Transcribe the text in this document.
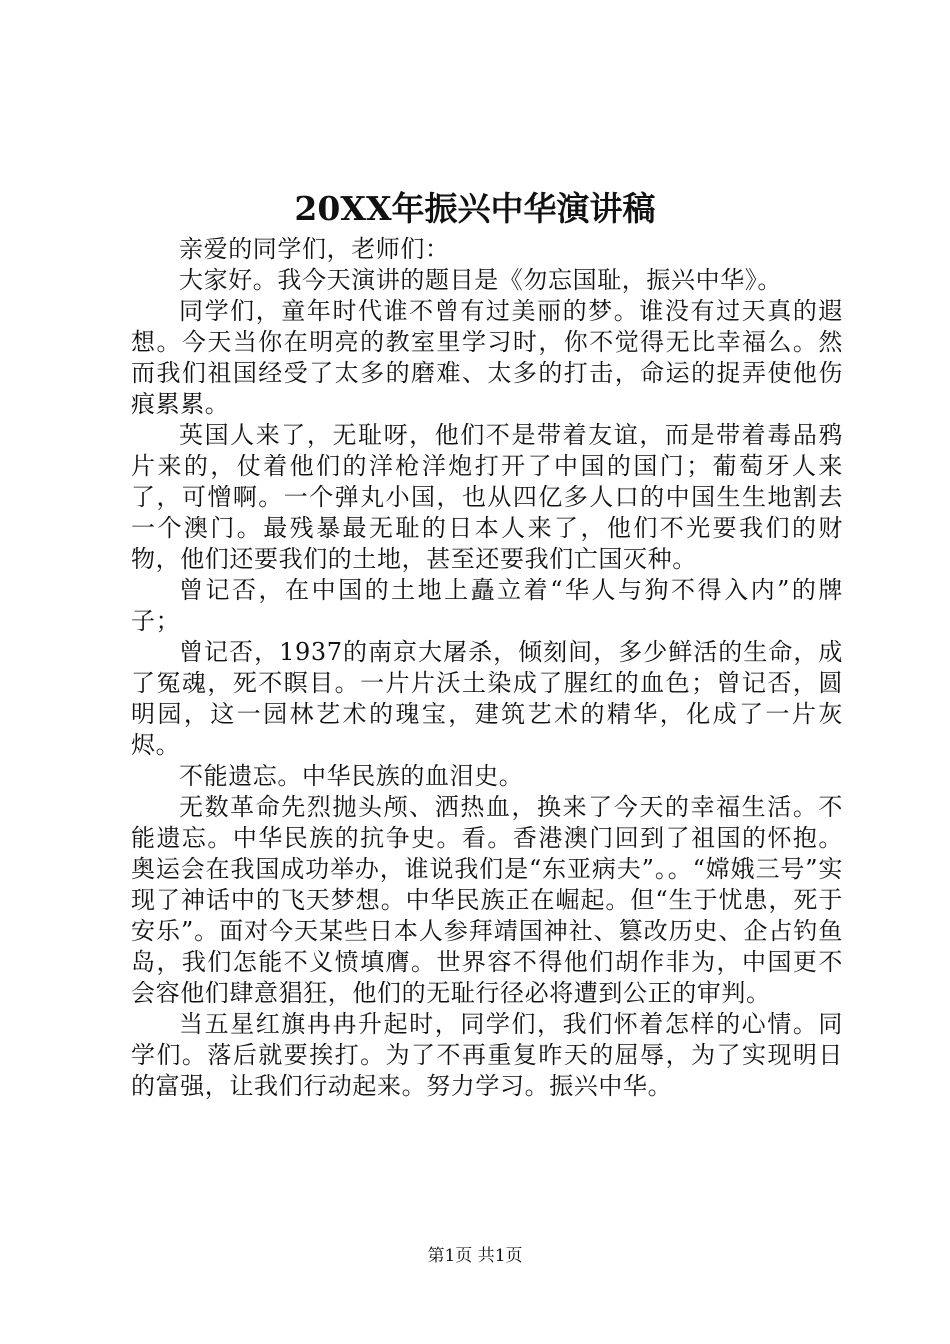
20XX年振兴中华演讲稿

亲爱的同学们，老师们：

大家好。我今天演讲的题目是《勿忘国耻，振兴中华》。

同学们，童年时代谁不曾有过美丽的梦。谁没有过天真的遐想。今天当你在明亮的教室里学习时，你不觉得无比幸福么。然而我们祖国经受了太多的磨难、太多的打击，命运的捉弄使他伤痕累累。

英国人来了，无耻呀，他们不是带着友谊，而是带着毒品鸦片来的，仗着他们的洋枪洋炮打开了中国的国门；葡萄牙人来了，可憎啊。一个弹丸小国，也从四亿多人口的中国生生地割去一个澳门。最残暴最无耻的日本人来了，他们不光要我们的财物，他们还要我们的土地，甚至还要我们亡国灭种。

曾记否，在中国的土地上矗立着“华人与狗不得入内”的牌子；

曾记否，1937的南京大屠杀，倾刻间，多少鲜活的生命，成了冤魂，死不瞑目。一片片沃土染成了腥红的血色；曾记否，圆明园，这一园林艺术的瑰宝，建筑艺术的精华，化成了一片灰烬。

不能遗忘。中华民族的血泪史。

无数革命先烈抛头颅、洒热血，换来了今天的幸福生活。不能遗忘。中华民族的抗争史。看。香港澳门回到了祖国的怀抱。奥运会在我国成功举办，谁说我们是“东亚病夫”。。“嫦娥三号”实现了神话中的飞天梦想。中华民族正在崛起。但“生于忧患，死于安乐”。面对今天某些日本人参拜靖国神社、篡改历史、企占钓鱼岛，我们怎能不义愤填膺。世界容不得他们胡作非为，中国更不会容他们肆意猖狂，他们的无耻行径必将遭到公正的审判。

当五星红旗冉冉升起时，同学们，我们怀着怎样的心情。同学们。落后就要挨打。为了不再重复昨天的屈辱，为了实现明日的富强，让我们行动起来。努力学习。振兴中华。

第1页 共1页
